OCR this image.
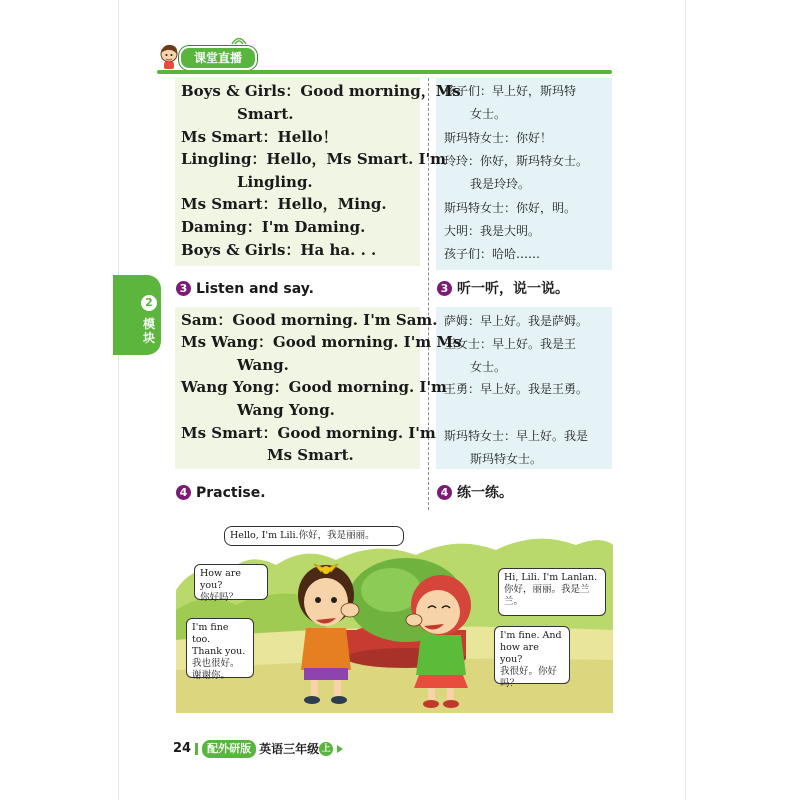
课堂直播
Boys & Girls：Good morning，Ms
Smart.
Ms Smart：Hello！
Lingling：Hello，Ms Smart. I'm
Lingling.
Ms Smart：Hello，Ming.
Daming：I'm Daming.
Boys & Girls：Ha ha. . .
孩子们：早上好，斯玛特
女士。
斯玛特女士：你好！
玲玲：你好，斯玛特女士。
我是玲玲。
斯玛特女士：你好，明。
大明：我是大明。
孩子们：哈哈……
2
模块
3 Listen and say.	3 听一听，说一说。
Sam：Good morning. I'm Sam.
Ms Wang：Good morning. I'm Ms
Wang.
Wang Yong：Good morning. I'm
Wang Yong.
Ms Smart：Good morning. I'm
Ms Smart.
萨姆：早上好。我是萨姆。
王女士：早上好。我是王
女士。
王勇：早上好。我是王勇。
斯玛特女士：早上好。我是
斯玛特女士。
4 Practise.	4 练一练。
Hello, I'm Lili.你好，我是丽丽。
How are you?
你好吗？
I'm fine too.
Thank you.
我也很好。
谢谢你。
Hi, Lili. I'm Lanlan.
你好，丽丽。我是兰
兰。
I'm fine. And
how are you?
我很好。你好
吗？
24 配外研版 英语三年级 上
